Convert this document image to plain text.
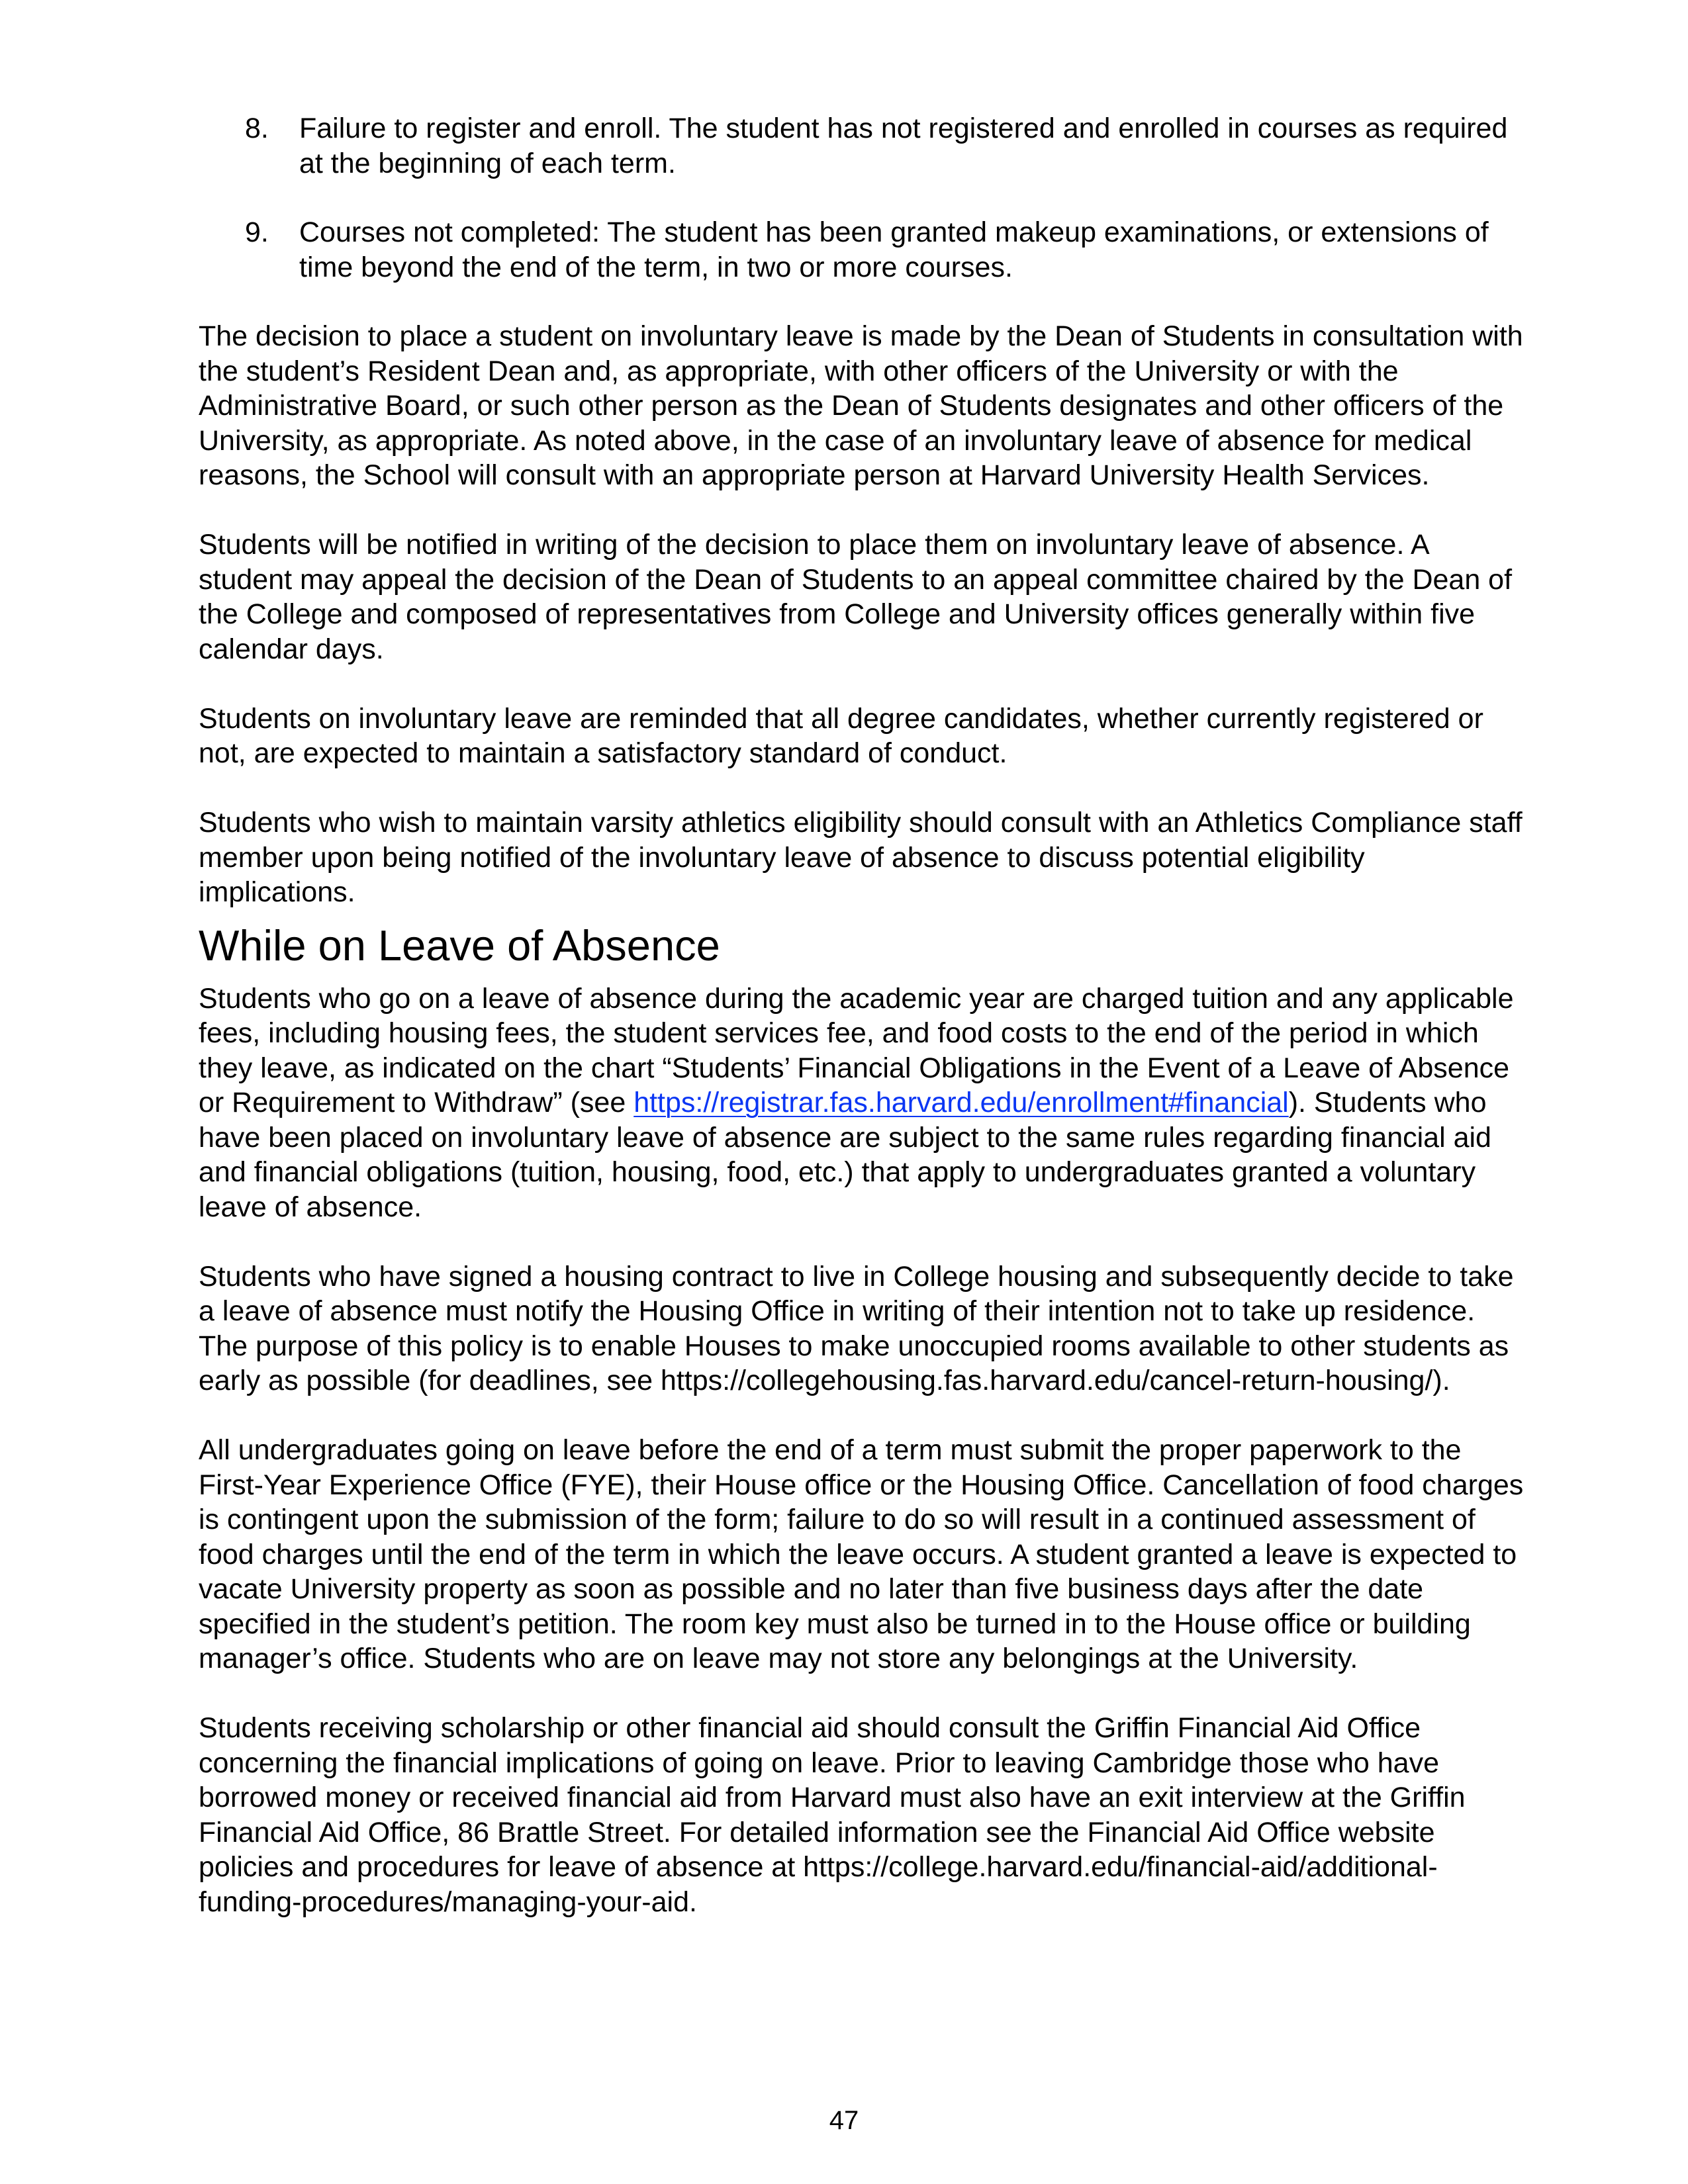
8. Failure to register and enroll. The student has not registered and enrolled in courses as required at the beginning of each term.
9. Courses not completed: The student has been granted makeup examinations, or extensions of time beyond the end of the term, in two or more courses.

The decision to place a student on involuntary leave is made by the Dean of Students in consultation with the student’s Resident Dean and, as appropriate, with other officers of the University or with the Administrative Board, or such other person as the Dean of Students designates and other officers of the University, as appropriate. As noted above, in the case of an involuntary leave of absence for medical reasons, the School will consult with an appropriate person at Harvard University Health Services.

Students will be notified in writing of the decision to place them on involuntary leave of absence. A student may appeal the decision of the Dean of Students to an appeal committee chaired by the Dean of the College and composed of representatives from College and University offices generally within five calendar days.

Students on involuntary leave are reminded that all degree candidates, whether currently registered or not, are expected to maintain a satisfactory standard of conduct.

Students who wish to maintain varsity athletics eligibility should consult with an Athletics Compliance staff member upon being notified of the involuntary leave of absence to discuss potential eligibility implications.

While on Leave of Absence

Students who go on a leave of absence during the academic year are charged tuition and any applicable fees, including housing fees, the student services fee, and food costs to the end of the period in which they leave, as indicated on the chart “Students’ Financial Obligations in the Event of a Leave of Absence or Requirement to Withdraw” (see https://registrar.fas.harvard.edu/enrollment#financial). Students who have been placed on involuntary leave of absence are subject to the same rules regarding financial aid and financial obligations (tuition, housing, food, etc.) that apply to undergraduates granted a voluntary leave of absence.

Students who have signed a housing contract to live in College housing and subsequently decide to take a leave of absence must notify the Housing Office in writing of their intention not to take up residence. The purpose of this policy is to enable Houses to make unoccupied rooms available to other students as early as possible (for deadlines, see https://collegehousing.fas.harvard.edu/cancel-return-housing/).

All undergraduates going on leave before the end of a term must submit the proper paperwork to the First-Year Experience Office (FYE), their House office or the Housing Office. Cancellation of food charges is contingent upon the submission of the form; failure to do so will result in a continued assessment of food charges until the end of the term in which the leave occurs. A student granted a leave is expected to vacate University property as soon as possible and no later than five business days after the date specified in the student’s petition. The room key must also be turned in to the House office or building manager’s office. Students who are on leave may not store any belongings at the University.

Students receiving scholarship or other financial aid should consult the Griffin Financial Aid Office concerning the financial implications of going on leave. Prior to leaving Cambridge those who have borrowed money or received financial aid from Harvard must also have an exit interview at the Griffin Financial Aid Office, 86 Brattle Street. For detailed information see the Financial Aid Office website policies and procedures for leave of absence at https://college.harvard.edu/financial-aid/additional-funding-procedures/managing-your-aid.

47
